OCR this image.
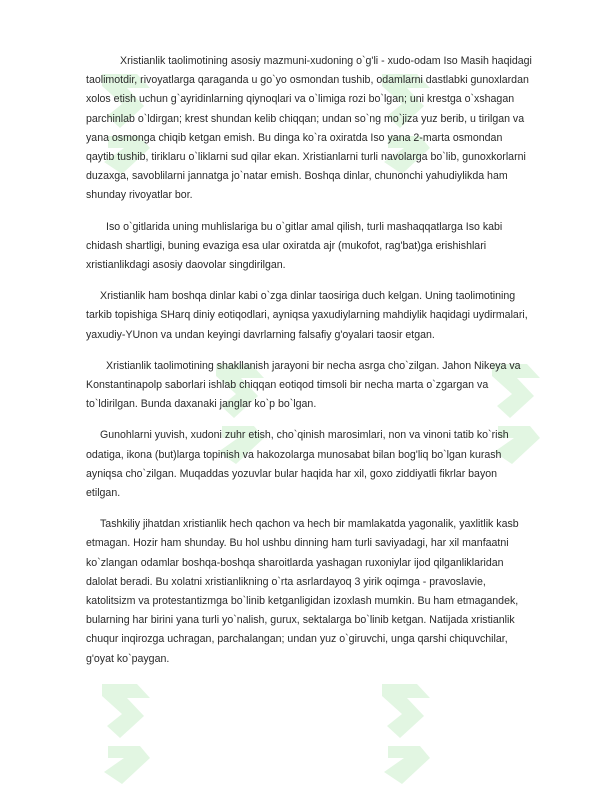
Xristianlik taolimotining asosiy mazmuni-xudoning o`g'li - xudo-odam Iso Masih haqidagi taolimotdir, rivoyatlarga qaraganda u go`yo osmondan tushib, odamlarni dastlabki gunoxlardan xolos etish uchun g`ayridinlarning qiynoqlari va o`limiga rozi bo`lgan; uni krestga o`xshagan parchinlab o`ldirgan; krest shundan kelib chiqqan; undan so`ng mo`jiza yuz berib, u tirilgan va yana osmonga chiqib ketgan emish. Bu dinga ko`ra oxiratda Iso yana 2-marta osmondan qaytib tushib, tiriklaru o`liklarni sud qilar ekan. Xristianlarni turli navolarga bo`lib, gunoxkorlarni duzaxga, savoblilarni jannatga jo`natar emish. Boshqa dinlar, chunonchi yahudiylikda ham shunday rivoyatlar bor.

Iso o`gitlarida uning muhlislariga bu o`gitlar amal qilish, turli mashaqqatlarga Iso kabi chidash shartligi, buning evaziga esa ular oxiratda ajr (mukofot, rag'bat)ga erishishlari xristianlikdagi asosiy daovolar singdirilgan.

Xristianlik ham boshqa dinlar kabi o`zga dinlar taosiriga duch kelgan. Uning taolimotining tarkib topishiga SHarq diniy eotiqodlari, ayniqsa yaxudiylarning mahdiylik haqidagi uydirmalari, yaxudiy-YUnon va undan keyingi davrlarning falsafiy g'oyalari taosir etgan.

Xristianlik taolimotining shakllanish jarayoni bir necha asrga cho`zilgan. Jahon Nikeya va Konstantinapolp saborlari ishlab chiqqan eotiqod timsoli bir necha marta o`zgargan va to`ldirilgan. Bunda daxanaki janglar ko`p bo`lgan.

Gunohlarni yuvish, xudoni zuhr etish, cho`qinish marosimlari, non va vinoni tatib ko`rish odatiga, ikona (but)larga topinish va hakozolarga munosabat bilan bog'liq bo`lgan kurash ayniqsa cho`zilgan. Muqaddas yozuvlar bular haqida har xil, goxo ziddiyatli fikrlar bayon etilgan.

Tashkiliy jihatdan xristianlik hech qachon va hech bir mamlakatda yagonalik, yaxlitlik kasb etmagan. Hozir ham shunday. Bu hol ushbu dinning ham turli saviyadagi, har xil manfaatni ko`zlangan odamlar boshqa-boshqa sharoitlarda yashagan ruxoniylar ijod qilganliklaridan dalolat beradi. Bu xolatni xristianlikning o`rta asrlardayoq 3 yirik oqimga - pravoslavie, katolitsizm va protestantizmga bo`linib ketganligidan izoxlash mumkin. Bu ham etmagandek, bularning har birini yana turli yo`nalish, gurux, sektalarga bo`linib ketgan. Natijada xristianlik chuqur inqirozga uchragan, parchalangan; undan yuz o`giruvchi, unga qarshi chiquvchilar, g'oyat ko`paygan.
